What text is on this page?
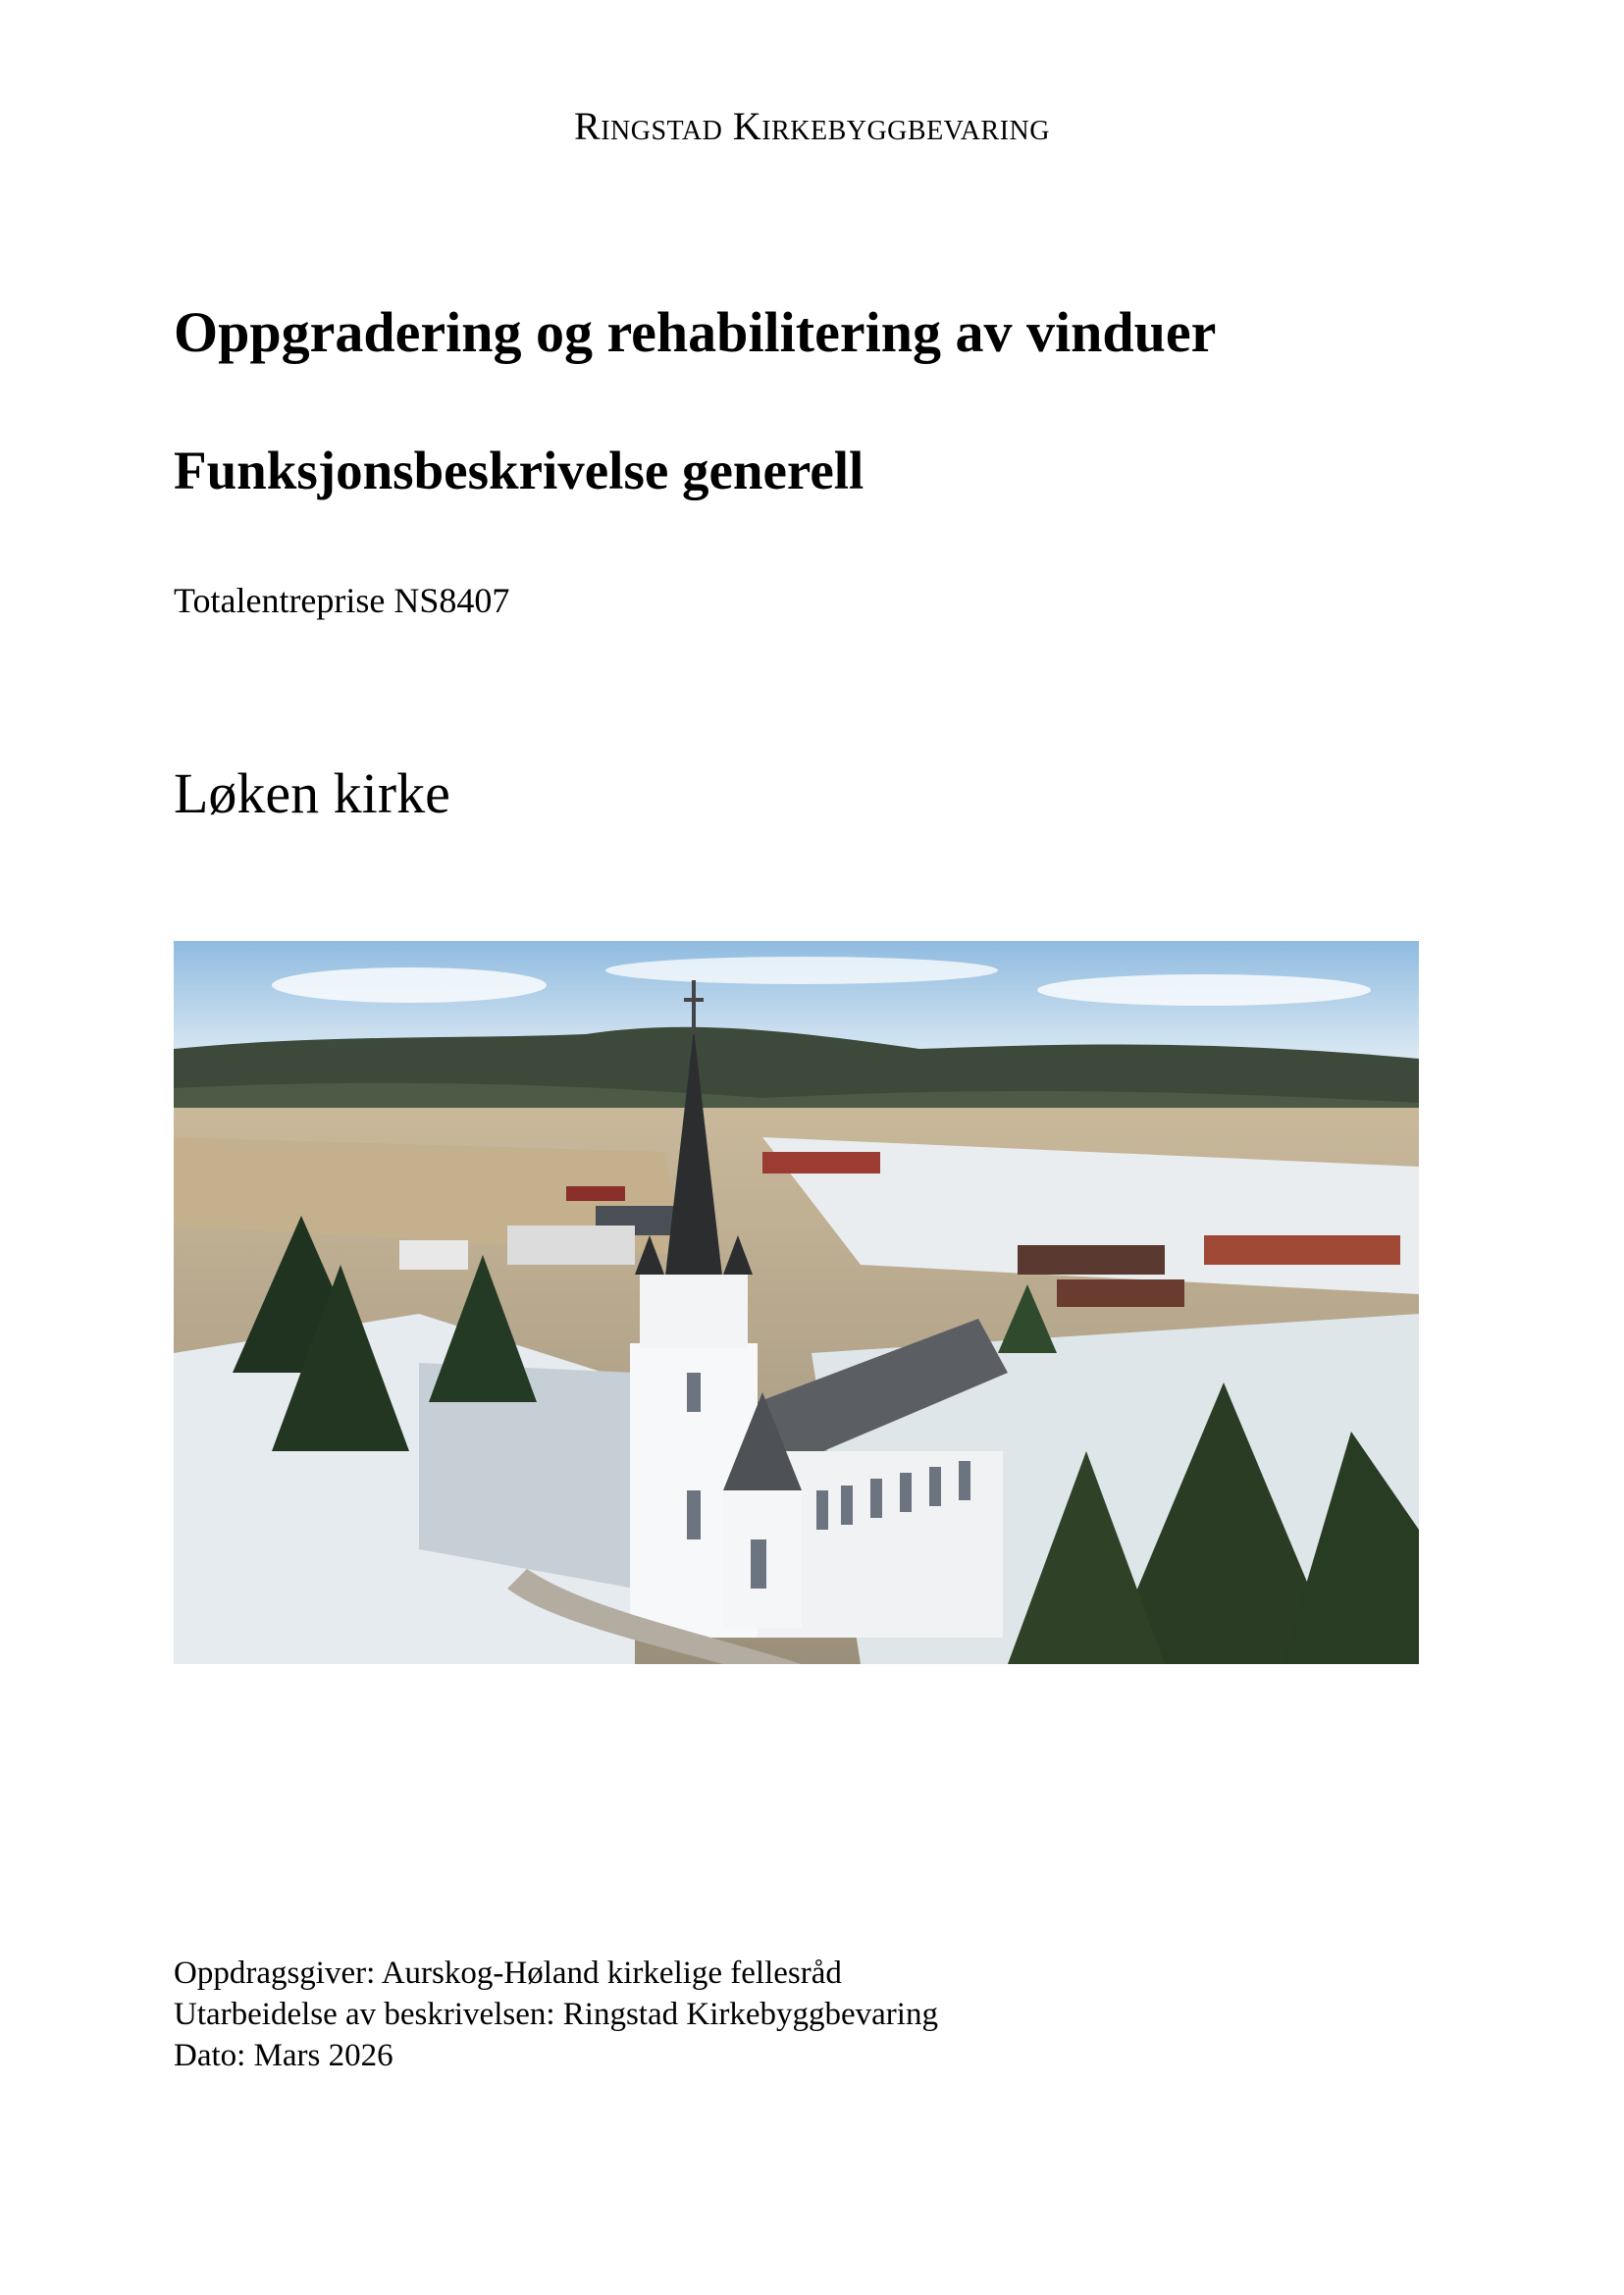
Ringstad Kirkebyggbevaring
Oppgradering og rehabilitering av vinduer
Funksjonsbeskrivelse generell
Totalentreprise NS8407
Løken kirke
Oppdragsgiver: Aurskog-Høland kirkelige fellesråd
Utarbeidelse av beskrivelsen: Ringstad Kirkebyggbevaring
Dato: Mars 2026
